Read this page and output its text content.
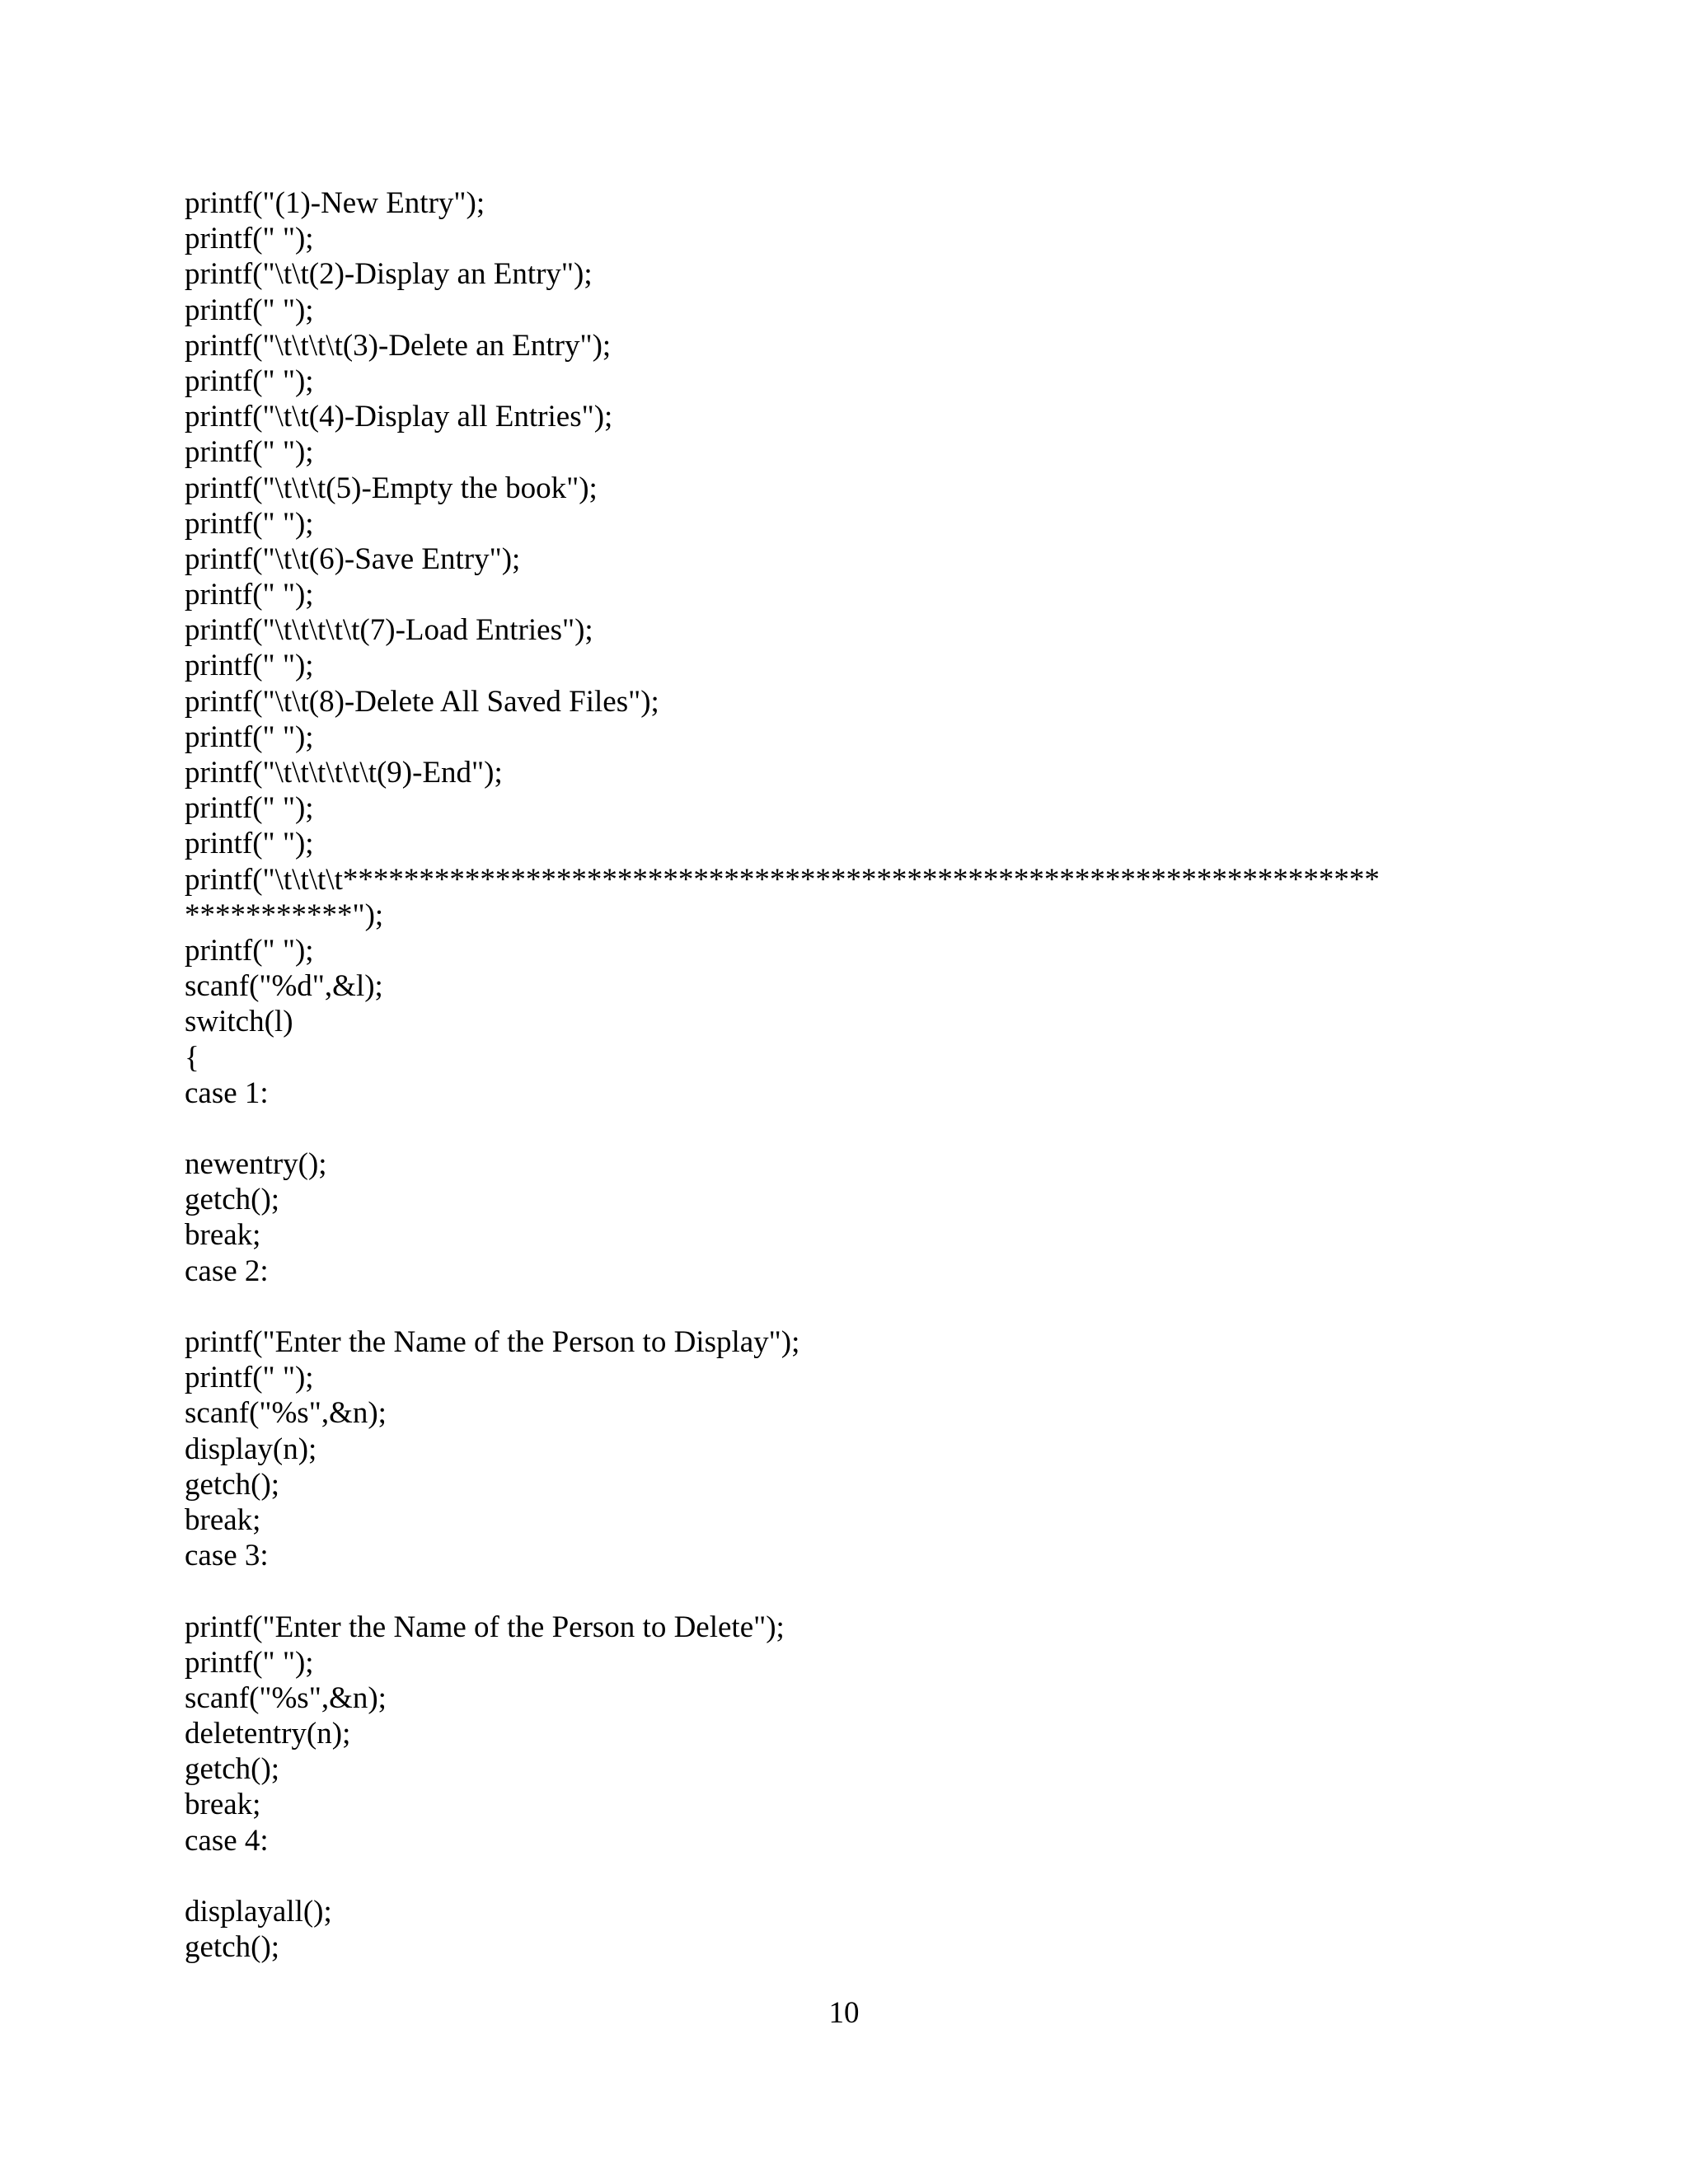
printf("(1)-New Entry");
printf(" ");
printf("\t\t(2)-Display an Entry");
printf(" ");
printf("\t\t\t\t(3)-Delete an Entry");
printf(" ");
printf("\t\t(4)-Display all Entries");
printf(" ");
printf("\t\t\t(5)-Empty the book");
printf(" ");
printf("\t\t(6)-Save Entry");
printf(" ");
printf("\t\t\t\t\t(7)-Load Entries");
printf(" ");
printf("\t\t(8)-Delete All Saved Files");
printf(" ");
printf("\t\t\t\t\t\t(9)-End");
printf(" ");
printf(" ");
printf("\t\t\t\t********************************************************************
***********");
printf(" ");
scanf("%d",&l);
switch(l)
{
case 1:
newentry();
getch();
break;
case 2:
printf("Enter the Name of the Person to Display");
printf(" ");
scanf("%s",&n);
display(n);
getch();
break;
case 3:
printf("Enter the Name of the Person to Delete");
printf(" ");
scanf("%s",&n);
deletentry(n);
getch();
break;
case 4:
displayall();
getch();
10
